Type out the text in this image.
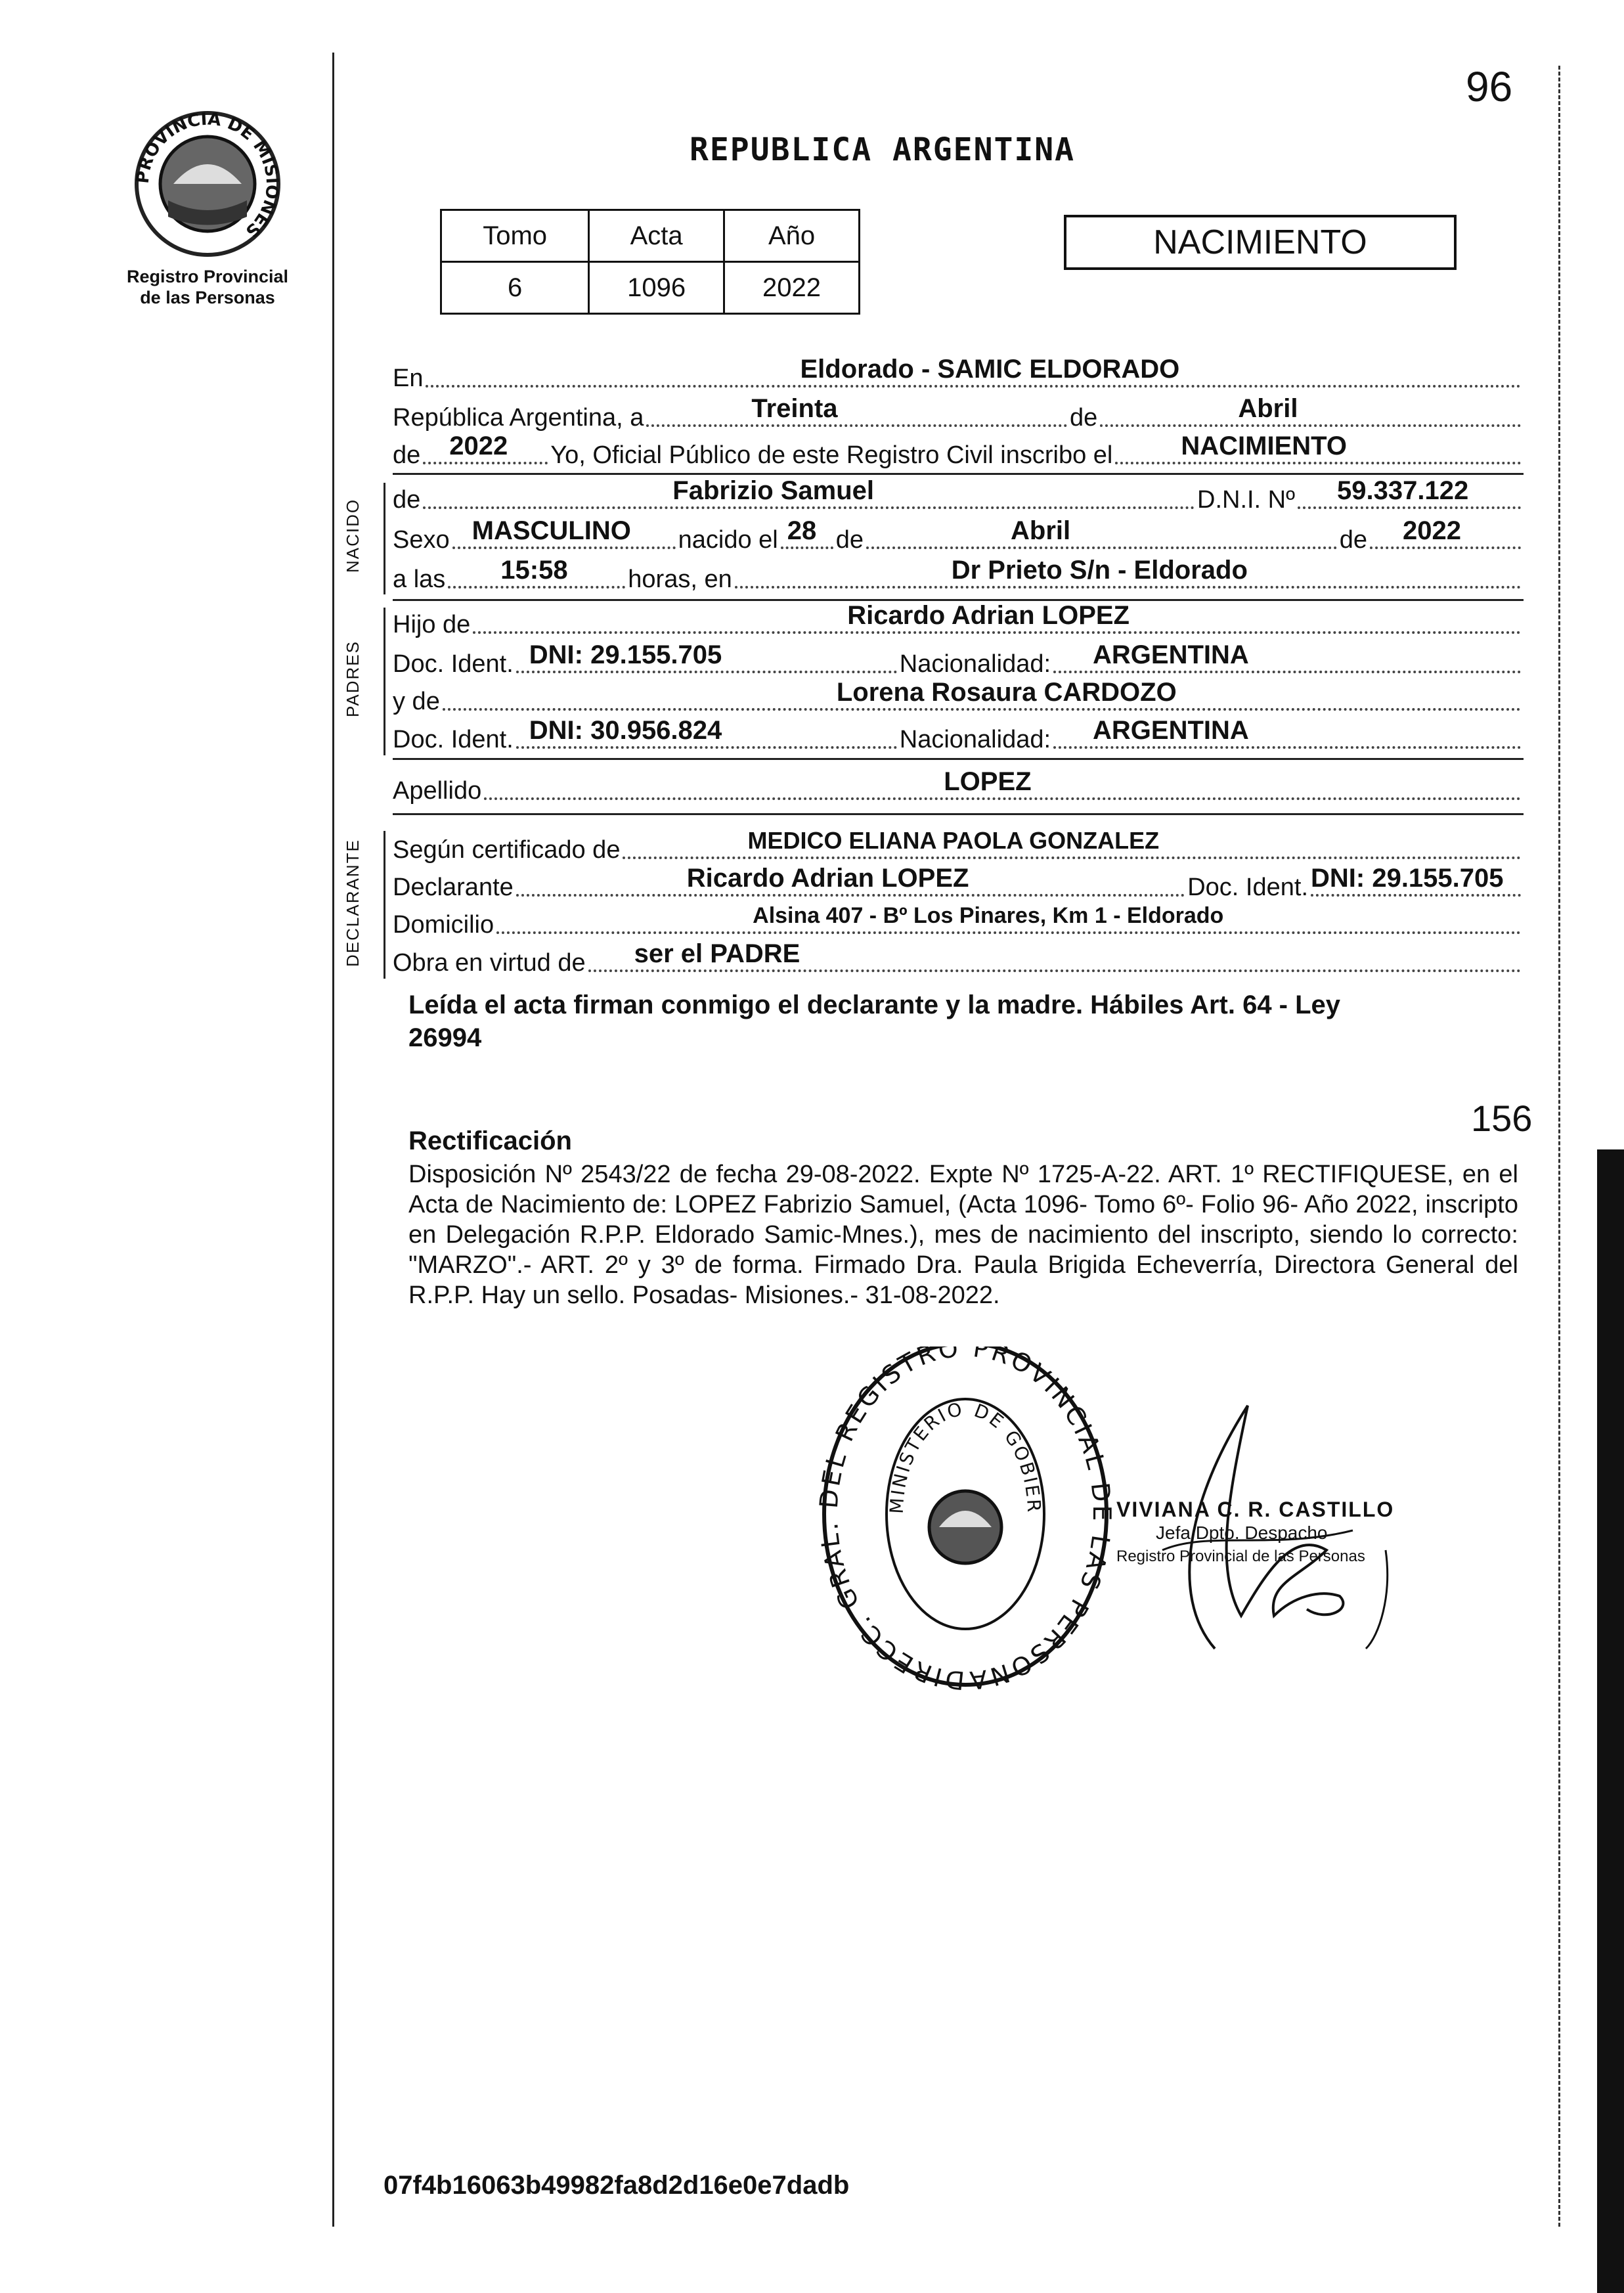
96
PROVINCIA DE MISIONES
Registro Provincial
de las Personas
REPUBLICA ARGENTINA
Tomo	Acta	Año
6	1096	2022
NACIMIENTO
En	Eldorado - SAMIC ELDORADO
República Argentina, a	Treinta	de	Abril
de 2022 Yo, Oficial Público de este Registro Civil inscribo el	NACIMIENTO
NACIDO de	Fabrizio Samuel	D.N.I. Nº 59.337.122
Sexo MASCULINO nacido el 28 de	Abril	de 2022
a las 15:58 horas, en	Dr Prieto S/n - Eldorado
PADRES
Hijo de	Ricardo Adrian LOPEZ
Doc. Ident. DNI: 29.155.705	Nacionalidad: ARGENTINA
y de	Lorena Rosaura CARDOZO
Doc. Ident. DNI: 30.956.824	Nacionalidad: ARGENTINA
Apellido	LOPEZ
DECLARANTE Según certificado de	MEDICO ELIANA PAOLA GONZALEZ
Declarante	Ricardo Adrian LOPEZ	Doc. Ident. DNI: 29.155.705
Domicilio	Alsina 407 - Bº Los Pinares, Km 1 - Eldorado
Obra en virtud de ser el PADRE
Leída el acta firman conmigo el declarante y la madre. Hábiles Art. 64 - Ley
26994
156
Rectificación
Disposición Nº 2543/22 de fecha 29-08-2022. Expte Nº 1725-A-22. ART. 1º RECTIFIQUESE, en el Acta de Nacimiento de: LOPEZ Fabrizio Samuel, (Acta 1096- Tomo 6º- Folio 96- Año 2022, inscripto en Delegación R.P.P. Eldorado Samic-Mnes.), mes de nacimiento del inscripto, siendo lo correcto: "MARZO".- ART. 2º y 3º de forma. Firmado Dra. Paula Brigida Echeverría, Directora General del R.P.P. Hay un sello. Posadas- Misiones.- 31-08-2022.
DIRECC. GRAL EL REGISTRO PROVINCIAL LAS PERSONA
MINISTERIO DE GOBIER	VIVIANA C. R. CASTILLO
Jefa Dpto. Despacho
Registro Provincial de las Personas
07f4b16063b49982fa8d2d16e0e7dadb
